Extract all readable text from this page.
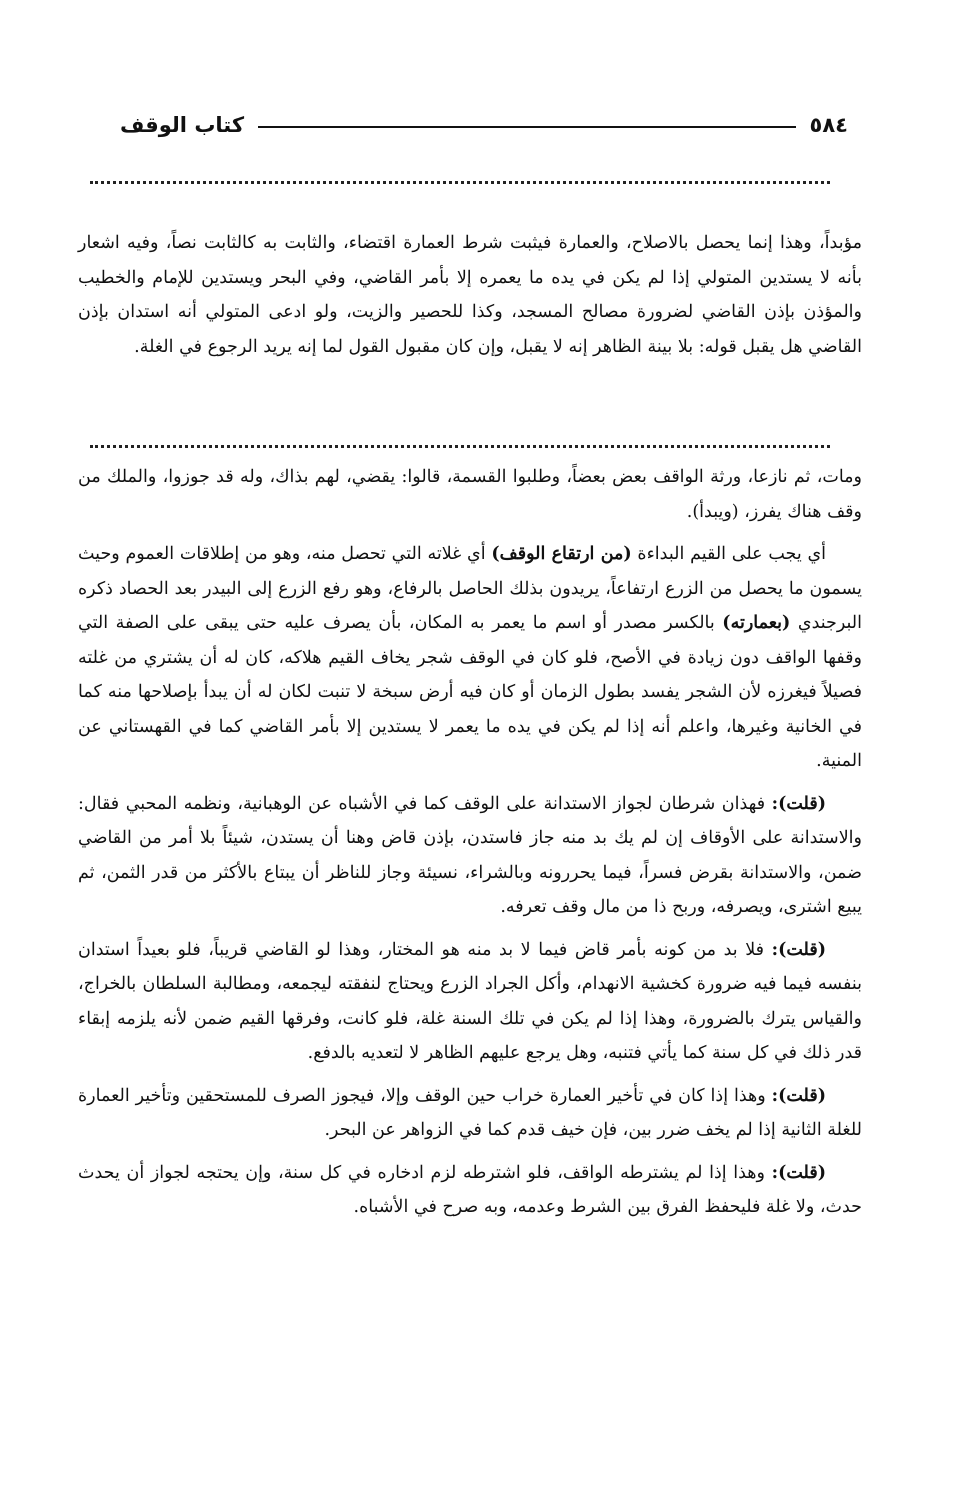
٥٨٤
كتاب الوقف

مؤبداً، وهذا إنما يحصل بالاصلاح، والعمارة فيثبت شرط العمارة اقتضاء، والثابت به كالثابت نصاً، وفيه اشعار بأنه لا يستدين المتولي إذا لم يكن في يده ما يعمره إلا بأمر القاضي، وفي البحر ويستدين للإمام والخطيب والمؤذن بإذن القاضي لضرورة مصالح المسجد، وكذا للحصير والزيت، ولو ادعى المتولي أنه استدان بإذن القاضي هل يقبل قوله: بلا بينة الظاهر إنه لا يقبل، وإن كان مقبول القول لما إنه يريد الرجوع في الغلة.

ومات، ثم نازعا، ورثة الواقف بعض بعضاً، وطلبوا القسمة، قالوا: يقضي، لهم بذاك، وله قد جوزوا، والملك من وقف هناك يفرز، (ويبدأ).

أي يجب على القيم البداءة (من ارتقاع الوقف) أي غلاته التي تحصل منه، وهو من إطلاقات العموم وحيث يسمون ما يحصل من الزرع ارتفاعاً، يريدون بذلك الحاصل بالرفاع، وهو رفع الزرع إلى البيدر بعد الحصاد ذكره البرجندي (بعمارته) بالكسر مصدر أو اسم ما يعمر به المكان، بأن يصرف عليه حتى يبقى على الصفة التي وقفها الواقف دون زيادة في الأصح، فلو كان في الوقف شجر يخاف القيم هلاكه، كان له أن يشتري من غلته فصيلاً فيغرزه لأن الشجر يفسد بطول الزمان أو كان فيه أرض سبخة لا تنبت لكان له أن يبدأ بإصلاحها منه كما في الخانية وغيرها، واعلم أنه إذا لم يكن في يده ما يعمر لا يستدين إلا بأمر القاضي كما في القهستاني عن المنية.

(قلت): فهذان شرطان لجواز الاستدانة على الوقف كما في الأشباه عن الوهبانية، ونظمه المحبي فقال: والاستدانة على الأوقاف إن لم يك بد منه جاز فاستدن، بإذن قاض وهنا أن يستدن، شيئاً بلا أمر من القاضي ضمن، والاستدانة بقرض فسراً، فيما يحررونه وبالشراء، نسيئة وجاز للناظر أن يبتاع بالأكثر من قدر الثمن، ثم يبيع اشترى، ويصرفه، وربح ذا من مال وقف تعرفه.

(قلت): فلا بد من كونه بأمر قاض فيما لا بد منه هو المختار، وهذا لو القاضي قريباً، فلو بعيداً استدان بنفسه فيما فيه ضرورة كخشية الانهدام، وأكل الجراد الزرع ويحتاج لنفقته ليجمعه، ومطالبة السلطان بالخراج، والقياس يترك بالضرورة، وهذا إذا لم يكن في تلك السنة غلة، فلو كانت، وفرقها القيم ضمن لأنه يلزمه إبقاء قدر ذلك في كل سنة كما يأتي فتنبه، وهل يرجع عليهم الظاهر لا لتعديه بالدفع.

(قلت): وهذا إذا كان في تأخير العمارة خراب حين الوقف وإلا، فيجوز الصرف للمستحقين وتأخير العمارة للغلة الثانية إذا لم يخف ضرر بين، فإن خيف قدم كما في الزواهر عن البحر.

(قلت): وهذا إذا لم يشترطه الواقف، فلو اشترطه لزم ادخاره في كل سنة، وإن يحتجه لجواز أن يحدث حدث، ولا غلة فليحفظ الفرق بين الشرط وعدمه، وبه صرح في الأشباه.
